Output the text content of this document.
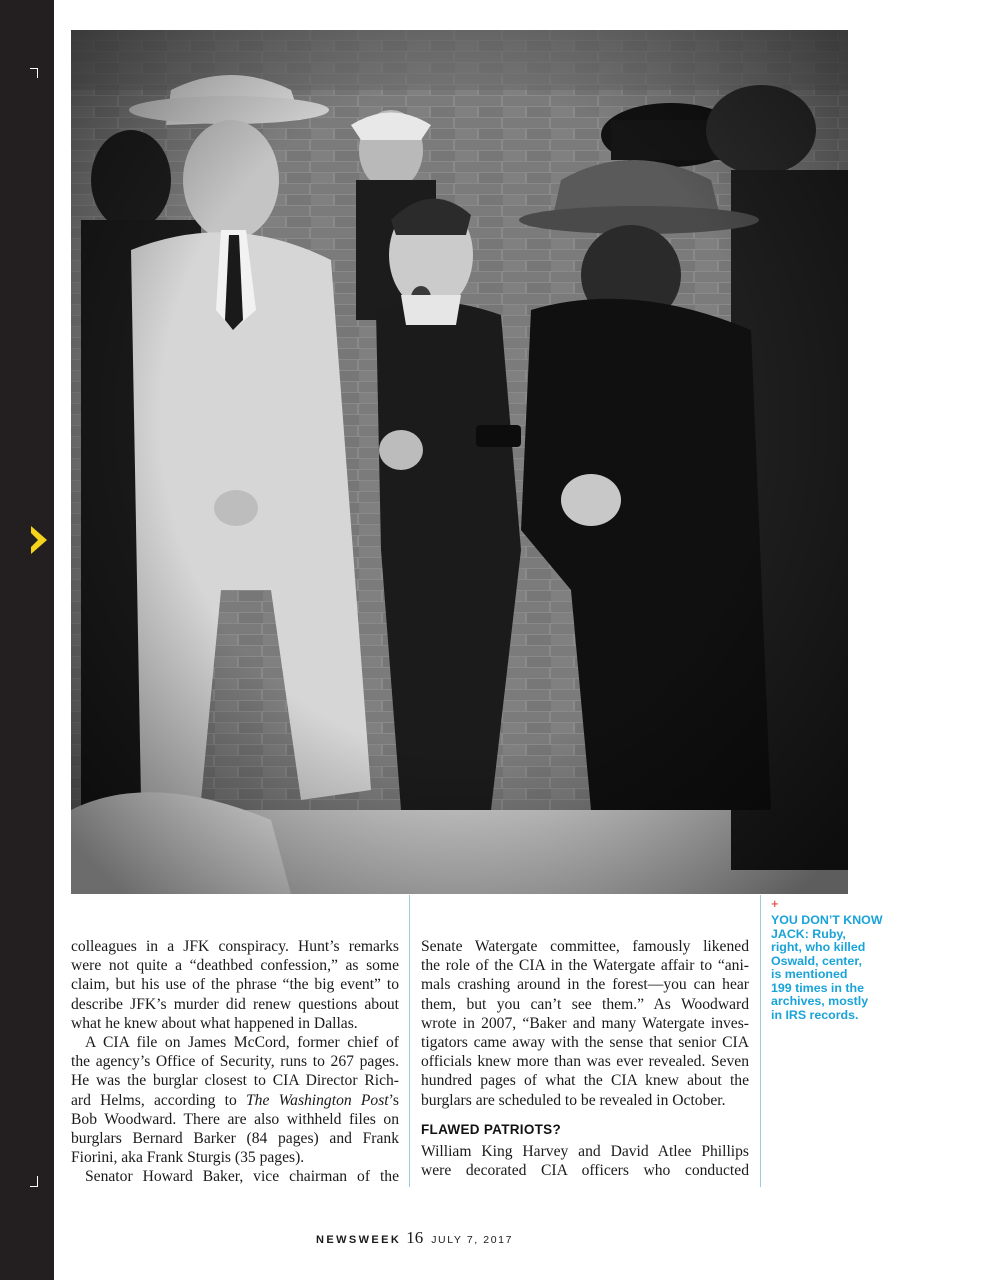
colleagues in a JFK conspiracy. Hunt’s remarks
were not quite a “deathbed confession,” as some
claim, but his use of the phrase “the big event” to
describe JFK’s murder did renew questions about
what he knew about what happened in Dallas.
A CIA file on James McCord, former chief of
the agency’s Office of Security, runs to 267 pages.
He was the burglar closest to CIA Director Rich-
ard Helms, according to The Washington Post’s
Bob Woodward. There are also withheld files on
burglars Bernard Barker (84 pages) and Frank
Fiorini, aka Frank Sturgis (35 pages).
Senator Howard Baker, vice chairman of the
Senate Watergate committee, famously likened
the role of the CIA in the Watergate affair to “ani-
mals crashing around in the forest—you can hear
them, but you can’t see them.” As Woodward
wrote in 2007, “Baker and many Watergate inves-
tigators came away with the sense that senior CIA
officials knew more than was ever revealed. Seven
hundred pages of what the CIA knew about the
burglars are scheduled to be revealed in October.
FLAWED PATRIOTS?
William King Harvey and David Atlee Phillips
were decorated CIA officers who conducted
+
YOU DON’T KNOW
JACK: Ruby,
right, who killed
Oswald, center,
is mentioned
199 times in the
archives, mostly
in IRS records.
NEWSWEEK 16 JULY 7, 2017
